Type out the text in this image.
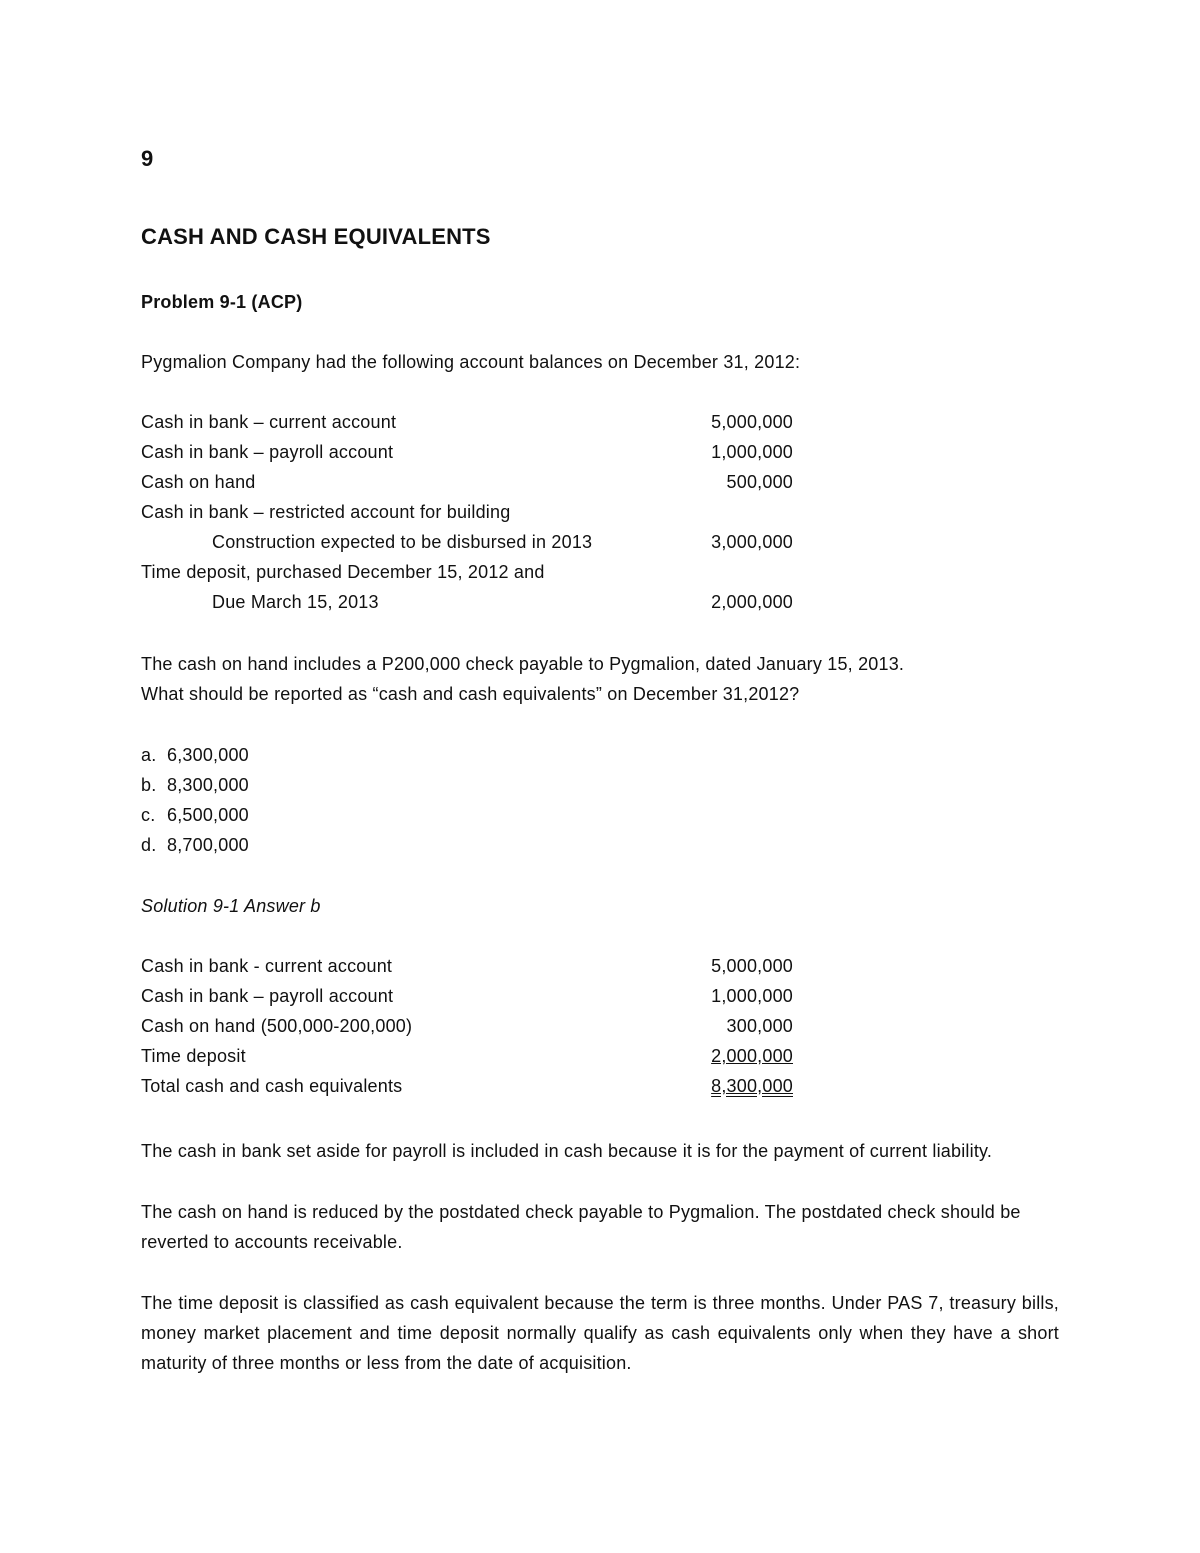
9
CASH AND CASH EQUIVALENTS
Problem 9-1 (ACP)
Pygmalion Company had the following account balances on December 31, 2012:
Cash in bank – current account	5,000,000
Cash in bank – payroll account	1,000,000
Cash on hand	500,000
Cash in bank – restricted account for building
Construction expected to be disbursed in 2013	3,000,000
Time deposit, purchased December 15, 2012 and
Due March 15, 2013	2,000,000
The cash on hand includes a P200,000 check payable to Pygmalion, dated January 15, 2013.
What should be reported as “cash and cash equivalents” on December 31,2012?
a. 6,300,000
b. 8,300,000
c. 6,500,000
d. 8,700,000
Solution 9-1 Answer b
Cash in bank - current account	5,000,000
Cash in bank – payroll account	1,000,000
Cash on hand (500,000-200,000)	300,000
Time deposit	2,000,000
Total cash and cash equivalents	8,300,000
The cash in bank set aside for payroll is included in cash because it is for the payment of current liability.
The cash on hand is reduced by the postdated check payable to Pygmalion. The postdated check should be reverted to accounts receivable.
The time deposit is classified as cash equivalent because the term is three months. Under PAS 7, treasury bills, money market placement and time deposit normally qualify as cash equivalents only when they have a short maturity of three months or less from the date of acquisition.
